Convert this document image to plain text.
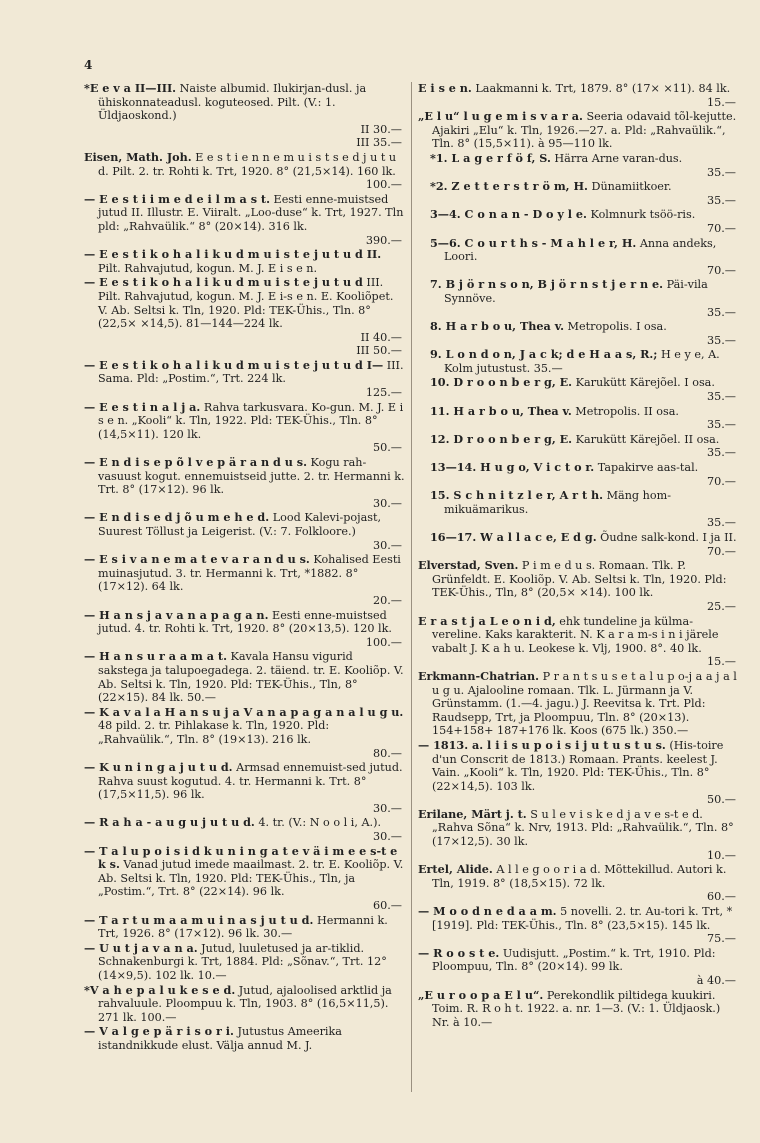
4
*E e v a II—III. Naiste albumid. Ilukirjan-dusl. ja ühiskonnateadusl. koguteosed. Pilt. (V.: 1. Üldjaoskond.)
II 30.—
III 35.—
Eisen, Math. Joh. E e s t i e n n e m u i s t s e d j u t u d. Pilt. 2. tr. Rohti k. Trt, 1920. 8° (21,5×14). 160 lk.
100.—
— E e s t i i m e d e i l m a s t. Eesti enne-muistsed jutud II. Illustr. E. Viiralt. „Loo-duse“ k. Trt, 1927. Tln pld: „Rahvaülik.“ 8° (20×14). 316 lk.
390.—
— E e s t i k o h a l i k u d m u i s t e j u t u d II. Pilt. Rahvajutud, kogun. M. J. E i s e n.
— E e s t i k o h a l i k u d m u i s t e j u t u d III. Pilt. Rahvajutud, kogun. M. J. E i-s e n. E. Kooliõpet. V. Ab. Seltsi k. Tln, 1920. Pld: TEK-Ühis., Tln. 8° (22,5× ×14,5). 81—144—224 lk.
II 40.—
III 50.—
— E e s t i k o h a l i k u d m u i s t e j u t u d I— III. Sama. Pld: „Postim.“, Trt. 224 lk.
125.—
— E e s t i n a l j a. Rahva tarkusvara. Ko-gun. M. J. E i s e n. „Kooli“ k. Tln, 1922. Pld: TEK-Ühis., Tln. 8° (14,5×11). 120 lk.
50.—
— E n d i s e p õ l v e p ä r a n d u s. Kogu rah-vasuust kogut. ennemuistseid jutte. 2. tr. Hermanni k. Trt. 8° (17×12). 96 lk.
30.—
— E n d i s e d j õ u m e h e d. Lood Kalevi-pojast, Suurest Töllust ja Leigerist. (V.: 7. Folkloore.)
30.—
— E s i v a n e m a t e v a r a n d u s. Kohalised Eesti muinasjutud. 3. tr. Hermanni k. Trt, *1882. 8° (17×12). 64 lk.
20.—
— H a n s j a v a n a p a g a n. Eesti enne-muistsed jutud. 4. tr. Rohti k. Trt, 1920. 8° (20×13,5). 120 lk.
100.—
— H a n s u r a a m a t. Kavala Hansu vigurid sakstega ja talupoegadega. 2. täiend. tr. E. Kooliõp. V. Ab. Seltsi k. Tln, 1920. Pld: TEK-Ühis., Tln, 8°(22×15). 84 lk. 50.—
— K a v a l a H a n s u j a V a n a p a g a n a l u g u. 48 pild. 2. tr. Pihlakase k. Tln, 1920. Pld: „Rahvaülik.“, Tln. 8° (19×13). 216 lk.
80.—
— K u n i n g a j u t u d. Armsad ennemuist-sed jutud. Rahva suust kogutud. 4. tr. Hermanni k. Trt. 8° (17,5×11,5). 96 lk.
30.—
— R a h a - a u g u j u t u d. 4. tr. (V.: N o o l i, A.).
30.—
— T a l u p o i s i d k u n i n g a t e v ä i m e e s-t e k s. Vanad jutud imede maailmast. 2. tr. E. Kooliõp. V. Ab. Seltsi k. Tln, 1920. Pld: TEK-Ühis., Tln, ja „Postim.“, Trt. 8° (22×14). 96 lk.
60.—
— T a r t u m a a m u i n a s j u t u d. Hermanni k. Trt, 1926. 8° (17×12). 96 lk. 30.—
— U u t j a v a n a. Jutud, luuletused ja ar-tiklid. Schnakenburgi k. Trt, 1884. Pld: „Sõnav.“, Trt. 12° (14×9,5). 102 lk. 10.—
*V a h e p a l u k e s e d. Jutud, ajaloolised arktlid ja rahvaluule. Ploompuu k. Tln, 1903. 8° (16,5×11,5). 271 lk. 100.—
— V a l g e p ä r i s o r i. Jutustus Ameerika istandnikkude elust. Välja annud M. J.
E i s e n. Laakmanni k. Trt, 1879. 8° (17× ×11). 84 lk.
15.—
„E l u“ l u g e m i s v a r a. Seeria odavaid tõl-kejutte. Ajakiri „Elu“ k. Tln, 1926.—27. a. Pld: „Rahvaülik.“, Tln. 8° (15,5×11). à 95—110 lk.
*1. L a g e r f ö f, S. Härra Arne varan-dus.
35.—
*2. Z e t t e r s t r ö m, H. Dünamiitkoer.
35.—
3—4. C o n a n - D o y l e. Kolmnurk tsöö-ris.
70.—
5—6. C o u r t h s - M a h l e r, H. Anna andeks, Loori.
70.—
7. B j ö r n s o n, B j ö r n s t j e r n e. Päi-vila Synnöve.
35.—
8. H a r b o u, Thea v. Metropolis. I osa.
35.—
9. L o n d o n, J a c k; d e H a a s, R.; H e y e, A. Kolm jutustust. 35.—
10. D r o o n b e r g, E. Karukütt Kärejõel. I osa.
35.—
11. H a r b o u, Thea v. Metropolis. II osa.
35.—
12. D r o o n b e r g, E. Karukütt Kärejõel. II osa.
35.—
13—14. H u g o, V i c t o r. Tapakirve aas-tal.
70.—
15. S c h n i t z l e r, A r t h. Mäng hom-mikuämarikus.
35.—
16—17. W a l l a c e, E d g. Õudne salk-kond. I ja II.
70.—
Elverstad, Sven. P i m e d u s. Romaan. Tlk. P. Grünfeldt. E. Kooliõp. V. Ab. Seltsi k. Tln, 1920. Pld: TEK-Ühis., Tln, 8° (20,5× ×14). 100 lk.
25.—
E r a s t j a L e o n i d, ehk tundeline ja külma-vereline. Kaks karakterit. N. K a r a m-s i n i järele vabalt J. K a h u. Leokese k. Vlj, 1900. 8°. 40 lk.
15.—
Erkmann-Chatrian. P r a n t s u s e t a l u p o-j a a j a l u g u. Ajalooline romaan. Tlk. L. Jürmann ja V. Grünstamm. (1.—4. jagu.) J. Reevitsa k. Trt. Pld: Raudsepp, Trt, ja Ploompuu, Tln. 8° (20×13). 154+158+ 187+176 lk. Koos (675 lk.) 350.—
— 1813. a. l i i s u p o i s i j u t u s t u s. (His-toire d'un Conscrit de 1813.) Romaan. Prants. keelest J. Vain. „Kooli“ k. Tln, 1920. Pld: TEK-Ühis., Tln. 8° (22×14,5). 103 lk.
50.—
Erilane, Märt j. t. S u l e v i s k e d j a v e s-t e d. „Rahva Sõna“ k. Nrv, 1913. Pld: „Rahvaülik.“, Tln. 8° (17×12,5). 30 lk.
10.—
Ertel, Alide. A l l e g o o r i a d. Mõttekillud. Autori k. Tln, 1919. 8° (18,5×15). 72 lk.
60.—
— M o o d n e d a a m. 5 novelli. 2. tr. Au-tori k. Trt, *[1919]. Pld: TEK-Ühis., Tln. 8° (23,5×15). 145 lk.
75.—
— R o o s t e. Uudisjutt. „Postim.“ k. Trt, 1910. Pld: Ploompuu, Tln. 8° (20×14). 99 lk.
à 40.—
„E u r o o p a E l u“. Perekondlik piltidega kuukiri. Toim. R. R o h t. 1922. a. nr. 1—3. (V.: 1. Üldjaosk.) Nr. à 10.—
